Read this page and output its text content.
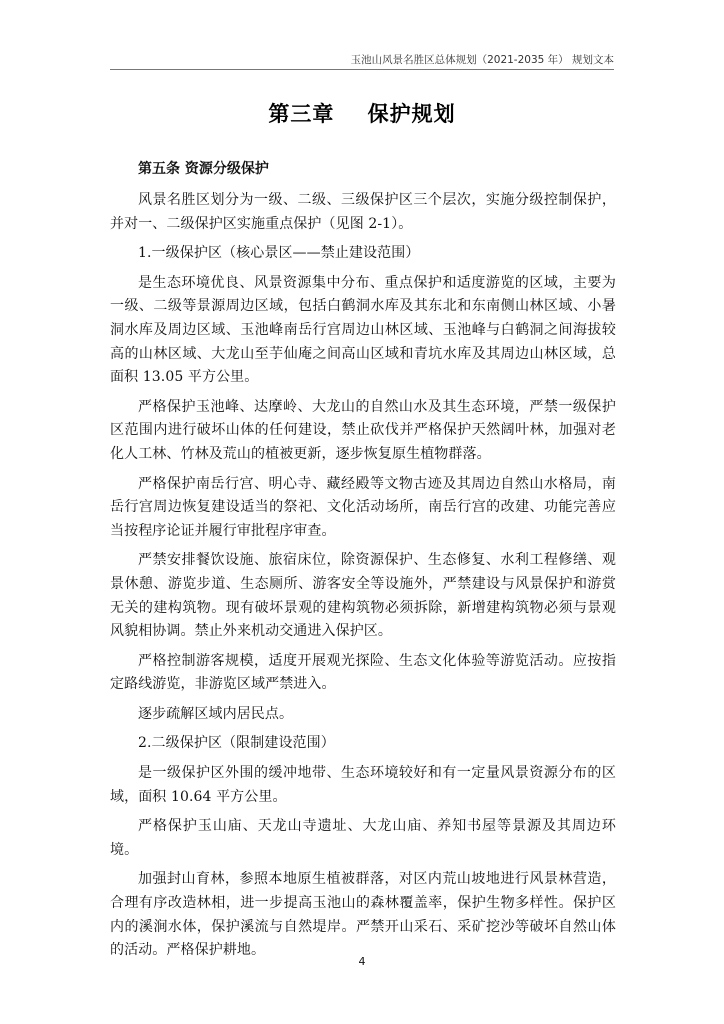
玉池山风景名胜区总体规划（2021-2035 年） 规划文本
第三章    保护规划
第五条 资源分级保护

风景名胜区划分为一级、二级、三级保护区三个层次，实施分级控制保护，并对一、二级保护区实施重点保护（见图 2-1）。

1.一级保护区（核心景区——禁止建设范围）

是生态环境优良、风景资源集中分布、重点保护和适度游览的区域，主要为一级、二级等景源周边区域，包括白鹤洞水库及其东北和东南侧山林区域、小暑洞水库及周边区域、玉池峰南岳行宫周边山林区域、玉池峰与白鹤洞之间海拔较高的山林区域、大龙山至芋仙庵之间高山区域和青坑水库及其周边山林区域，总面积 13.05 平方公里。

严格保护玉池峰、达摩岭、大龙山的自然山水及其生态环境，严禁一级保护区范围内进行破坏山体的任何建设，禁止砍伐并严格保护天然阔叶林，加强对老化人工林、竹林及荒山的植被更新，逐步恢复原生植物群落。

严格保护南岳行宫、明心寺、藏经殿等文物古迹及其周边自然山水格局，南岳行宫周边恢复建设适当的祭祀、文化活动场所，南岳行宫的改建、功能完善应当按程序论证并履行审批程序审查。

严禁安排餐饮设施、旅宿床位，除资源保护、生态修复、水利工程修缮、观景休憩、游览步道、生态厕所、游客安全等设施外，严禁建设与风景保护和游赏无关的建构筑物。现有破坏景观的建构筑物必须拆除，新增建构筑物必须与景观风貌相协调。禁止外来机动交通进入保护区。

严格控制游客规模，适度开展观光探险、生态文化体验等游览活动。应按指定路线游览，非游览区域严禁进入。

逐步疏解区域内居民点。

2.二级保护区（限制建设范围）

是一级保护区外围的缓冲地带、生态环境较好和有一定量风景资源分布的区域，面积 10.64 平方公里。

严格保护玉山庙、天龙山寺遗址、大龙山庙、养知书屋等景源及其周边环境。

加强封山育林，参照本地原生植被群落，对区内荒山坡地进行风景林营造，合理有序改造林相，进一步提高玉池山的森林覆盖率，保护生物多样性。保护区内的溪涧水体，保护溪流与自然堤岸。严禁开山采石、采矿挖沙等破坏自然山体的活动。严格保护耕地。

4
